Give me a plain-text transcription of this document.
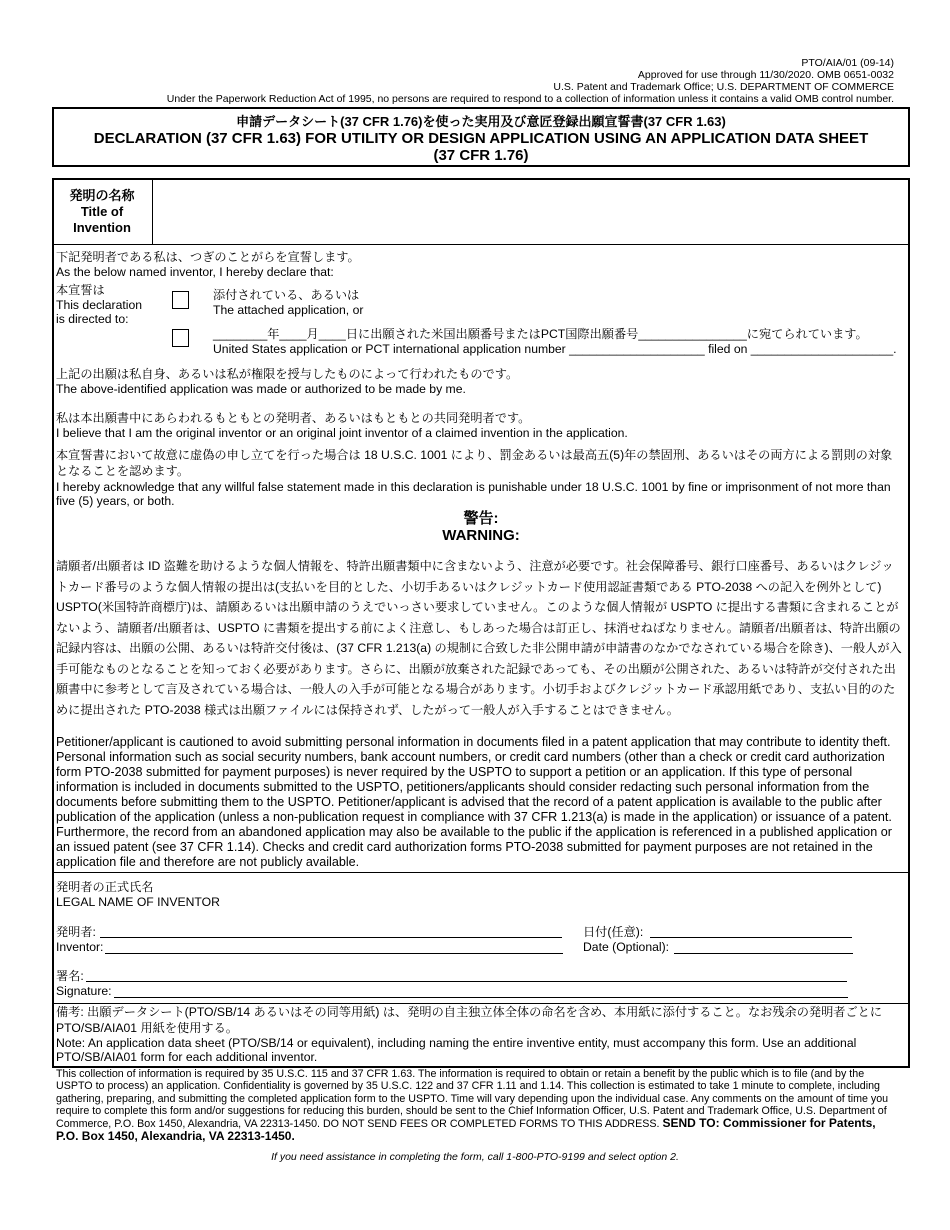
PTO/AIA/01 (09-14)
Approved for use through 11/30/2020. OMB 0651-0032
U.S. Patent and Trademark Office; U.S. DEPARTMENT OF COMMERCE
Under the Paperwork Reduction Act of 1995, no persons are required to respond to a collection of information unless it contains a valid OMB control number.
申請データシート(37 CFR 1.76)を使った実用及び意匠登録出願宣誓書(37 CFR 1.63)
DECLARATION (37 CFR 1.63) FOR UTILITY OR DESIGN APPLICATION USING AN APPLICATION DATA SHEET
(37 CFR 1.76)
発明の名称
Title of
Invention
下記発明者である私は、つぎのことがらを宣誓します。
As the below named inventor, I hereby declare that:
本宣誓は
This declaration
is directed to:
添付されている、あるいは
The attached application, or
________年____月____日に出願された米国出願番号またはPCT国際出願番号________________に宛てられています。
United States application or PCT international application number ____________________ filed on _____________________.
上記の出願は私自身、あるいは私が権限を授与したものによって行われたものです。
The above-identified application was made or authorized to be made by me.
私は本出願書中にあらわれるもともとの発明者、あるいはもともとの共同発明者です。
I believe that I am the original inventor or an original joint inventor of a claimed invention in the application.
本宣誓書において故意に虚偽の申し立てを行った場合は 18 U.S.C. 1001 により、罰金あるいは最高五(5)年の禁固刑、あるいはその両方による罰則の対象となることを認めます。
I hereby acknowledge that any willful false statement made in this declaration is punishable under 18 U.S.C. 1001 by fine or imprisonment of not more than five (5) years, or both.
警告:
WARNING:
請願者/出願者は ID 盗難を助けるような個人情報を、特許出願書類中に含まないよう、注意が必要です。社会保障番号、銀行口座番号、あるいはクレジットカード番号のような個人情報の提出は(支払いを目的とした、小切手あるいはクレジットカード使用認証書類である PTO-2038 への記入を例外として) USPTO(米国特許商標庁)は、請願あるいは出願申請のうえでいっさい要求していません。このような個人情報が USPTO に提出する書類に含まれることがないよう、請願者/出願者は、USPTO に書類を提出する前によく注意し、もしあった場合は訂正し、抹消せねばなりません。請願者/出願者は、特許出願の記録内容は、出願の公開、あるいは特許交付後は、(37 CFR 1.213(a) の規制に合致した非公開申請が申請書のなかでなされている場合を除き)、一般人が入手可能なものとなることを知っておく必要があります。さらに、出願が放棄された記録であっても、その出願が公開された、あるいは特許が交付された出願書中に参考として言及されている場合は、一般人の入手が可能となる場合があります。小切手およびクレジットカード承認用紙であり、支払い目的のために提出された PTO-2038 様式は出願ファイルには保持されず、したがって一般人が入手することはできません。
Petitioner/applicant is cautioned to avoid submitting personal information in documents filed in a patent application that may contribute to identity theft. Personal information such as social security numbers, bank account numbers, or credit card numbers (other than a check or credit card authorization form PTO-2038 submitted for payment purposes) is never required by the USPTO to support a petition or an application. If this type of personal information is included in documents submitted to the USPTO, petitioners/applicants should consider redacting such personal information from the documents before submitting them to the USPTO. Petitioner/applicant is advised that the record of a patent application is available to the public after publication of the application (unless a non-publication request in compliance with 37 CFR 1.213(a) is made in the application) or issuance of a patent. Furthermore, the record from an abandoned application may also be available to the public if the application is referenced in a published application or an issued patent (see 37 CFR 1.14). Checks and credit card authorization forms PTO-2038 submitted for payment purposes are not retained in the application file and therefore are not publicly available.
発明者の正式氏名
LEGAL NAME OF INVENTOR
発明者:
Inventor:
日付(任意):
Date (Optional):
署名:
Signature:
備考: 出願データシート(PTO/SB/14 あるいはその同等用紙) は、発明の自主独立体全体の命名を含め、本用紙に添付すること。なお残余の発明者ごとに PTO/SB/AIA01 用紙を使用する。
Note: An application data sheet (PTO/SB/14 or equivalent), including naming the entire inventive entity, must accompany this form. Use an additional PTO/SB/AIA01 form for each additional inventor.
This collection of information is required by 35 U.S.C. 115 and 37 CFR 1.63. The information is required to obtain or retain a benefit by the public which is to file (and by the USPTO to process) an application. Confidentiality is governed by 35 U.S.C. 122 and 37 CFR 1.11 and 1.14. This collection is estimated to take 1 minute to complete, including gathering, preparing, and submitting the completed application form to the USPTO. Time will vary depending upon the individual case. Any comments on the amount of time you require to complete this form and/or suggestions for reducing this burden, should be sent to the Chief Information Officer, U.S. Patent and Trademark Office, U.S. Department of Commerce, P.O. Box 1450, Alexandria, VA 22313-1450. DO NOT SEND FEES OR COMPLETED FORMS TO THIS ADDRESS. SEND TO: Commissioner for Patents, P.O. Box 1450, Alexandria, VA 22313-1450.
If you need assistance in completing the form, call 1-800-PTO-9199 and select option 2.
